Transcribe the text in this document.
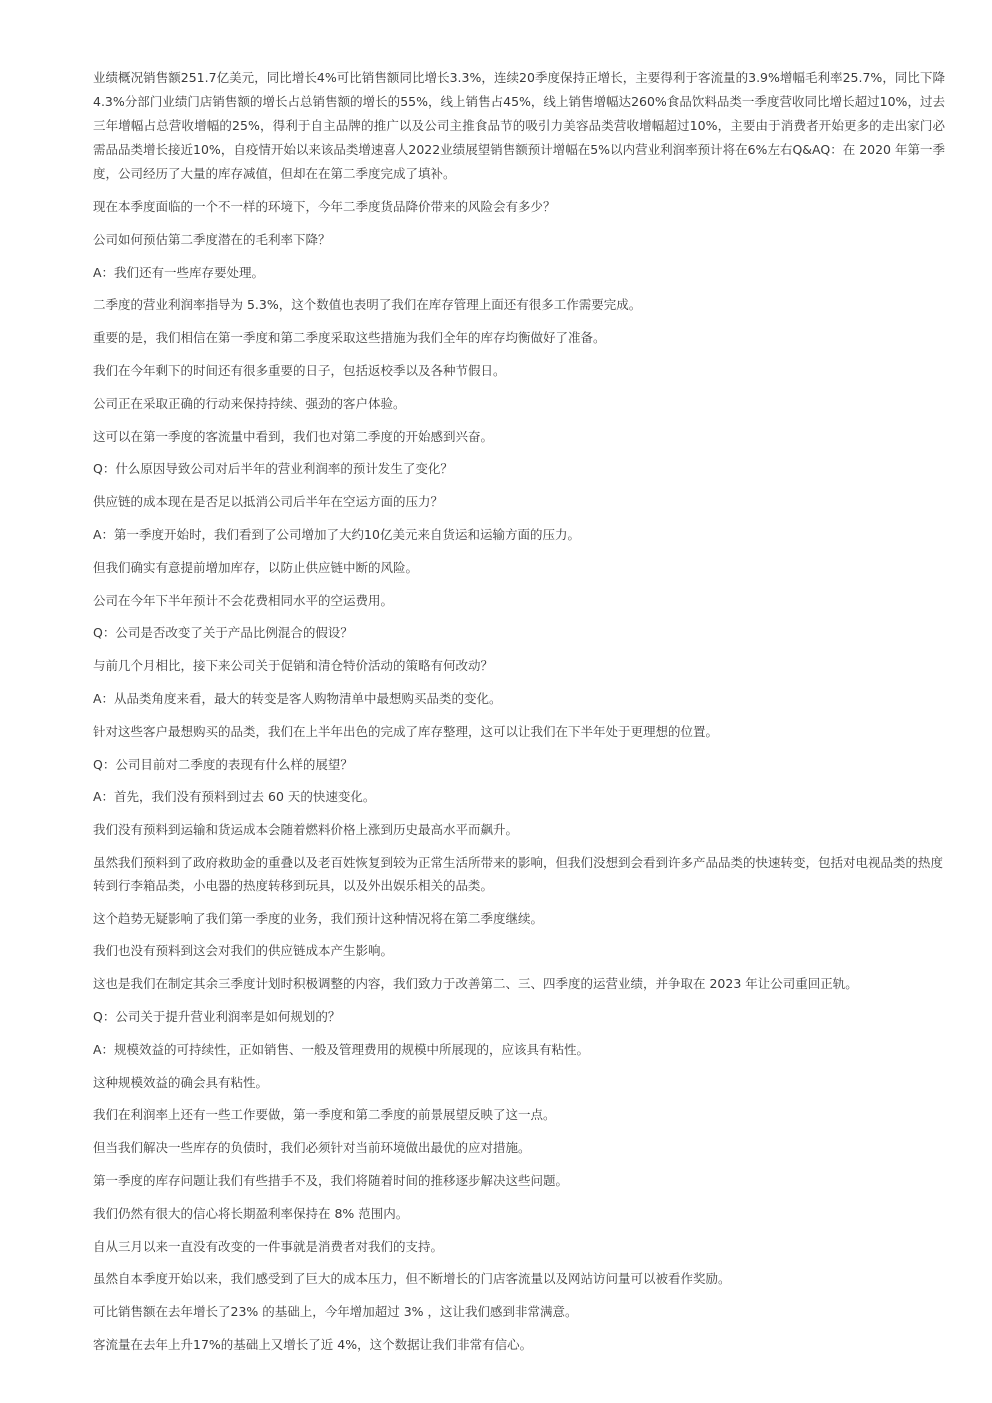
业绩概况销售额251.7亿美元，同比增长4%可比销售额同比增长3.3%，连续20季度保持正增长，主要得利于客流量的3.9%增幅毛利率25.7%，同比下降4.3%分部门业绩门店销售额的增长占总销售额的增长的55%，线上销售占45%，线上销售增幅达260%食品饮料品类一季度营收同比增长超过10%，过去三年增幅占总营收增幅的25%，得利于自主品牌的推广以及公司主推食品节的吸引力美容品类营收增幅超过10%，主要由于消费者开始更多的走出家门必需品品类增长接近10%，自疫情开始以来该品类增速喜人2022业绩展望销售额预计增幅在5%以内营业利润率预计将在6%左右Q&AQ：在 2020 年第一季度，公司经历了大量的库存减值，但却在在第二季度完成了填补。

现在本季度面临的一个不一样的环境下，今年二季度货品降价带来的风险会有多少？

公司如何预估第二季度潜在的毛利率下降？

A：我们还有一些库存要处理。

二季度的营业利润率指导为 5.3%，这个数值也表明了我们在库存管理上面还有很多工作需要完成。

重要的是，我们相信在第一季度和第二季度采取这些措施为我们全年的库存均衡做好了准备。

我们在今年剩下的时间还有很多重要的日子，包括返校季以及各种节假日。

公司正在采取正确的行动来保持持续、强劲的客户体验。

这可以在第一季度的客流量中看到，我们也对第二季度的开始感到兴奋。

Q：什么原因导致公司对后半年的营业利润率的预计发生了变化？

供应链的成本现在是否足以抵消公司后半年在空运方面的压力？

A：第一季度开始时，我们看到了公司增加了大约10亿美元来自货运和运输方面的压力。

但我们确实有意提前增加库存，以防止供应链中断的风险。

公司在今年下半年预计不会花费相同水平的空运费用。

Q：公司是否改变了关于产品比例混合的假设？

与前几个月相比，接下来公司关于促销和清仓特价活动的策略有何改动？

A：从品类角度来看，最大的转变是客人购物清单中最想购买品类的变化。

针对这些客户最想购买的品类，我们在上半年出色的完成了库存整理，这可以让我们在下半年处于更理想的位置。

Q：公司目前对二季度的表现有什么样的展望？

A：首先，我们没有预料到过去 60 天的快速变化。

我们没有预料到运输和货运成本会随着燃料价格上涨到历史最高水平而飙升。

虽然我们预料到了政府救助金的重叠以及老百姓恢复到较为正常生活所带来的影响，但我们没想到会看到许多产品品类的快速转变，包括对电视品类的热度转到行李箱品类，小电器的热度转移到玩具，以及外出娱乐相关的品类。

这个趋势无疑影响了我们第一季度的业务，我们预计这种情况将在第二季度继续。

我们也没有预料到这会对我们的供应链成本产生影响。

这也是我们在制定其余三季度计划时积极调整的内容，我们致力于改善第二、三、四季度的运营业绩，并争取在 2023 年让公司重回正轨。

Q：公司关于提升营业利润率是如何规划的？

A：规模效益的可持续性，正如销售、一般及管理费用的规模中所展现的，应该具有粘性。

这种规模效益的确会具有粘性。

我们在利润率上还有一些工作要做，第一季度和第二季度的前景展望反映了这一点。

但当我们解决一些库存的负债时，我们必须针对当前环境做出最优的应对措施。

第一季度的库存问题让我们有些措手不及，我们将随着时间的推移逐步解决这些问题。

我们仍然有很大的信心将长期盈利率保持在 8% 范围内。

自从三月以来一直没有改变的一件事就是消费者对我们的支持。

虽然自本季度开始以来，我们感受到了巨大的成本压力，但不断增长的门店客流量以及网站访问量可以被看作奖励。

可比销售额在去年增长了23% 的基础上，今年增加超过 3% ，这让我们感到非常满意。

客流量在去年上升17%的基础上又增长了近 4%，这个数据让我们非常有信心。
